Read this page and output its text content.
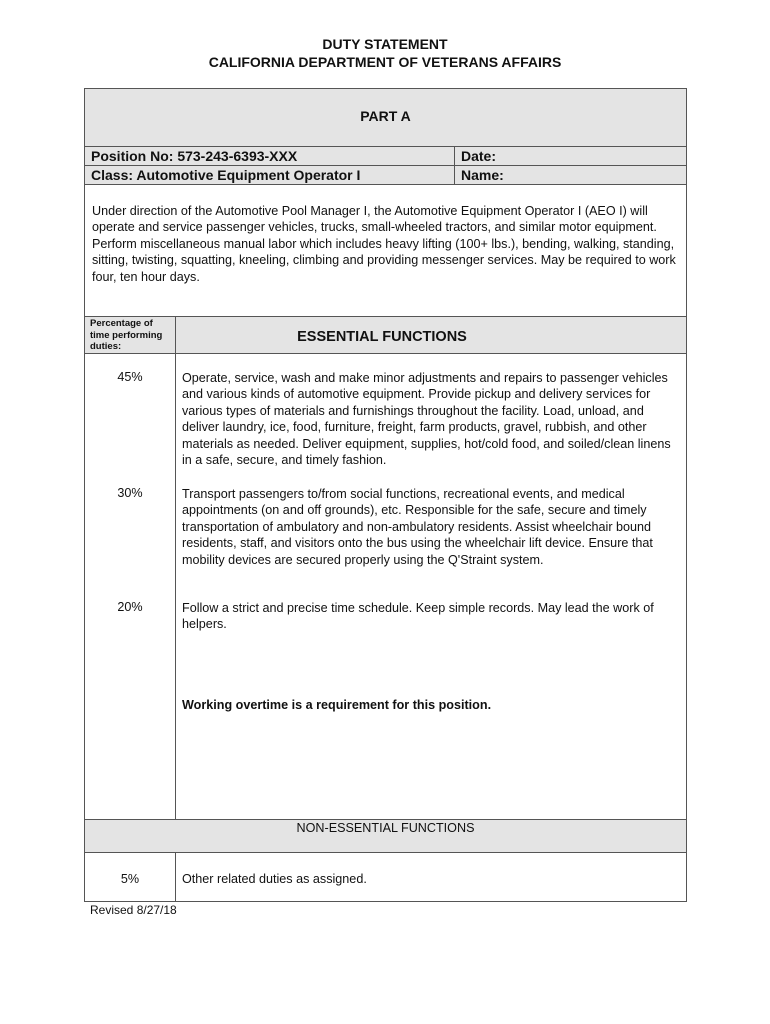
DUTY STATEMENT
CALIFORNIA DEPARTMENT OF VETERANS AFFAIRS
PART A
Position No: 573-243-6393-XXX	Date:
Class: Automotive Equipment Operator I	Name:
Under direction of the Automotive Pool Manager I, the Automotive Equipment Operator I (AEO I) will operate and service passenger vehicles, trucks, small-wheeled tractors, and similar motor equipment. Perform miscellaneous manual labor which includes heavy lifting (100+ lbs.), bending, walking, standing, sitting, twisting, squatting, kneeling, climbing and providing messenger services. May be required to work four, ten hour days.
Percentage of time performing duties:
ESSENTIAL FUNCTIONS
45%	Operate, service, wash and make minor adjustments and repairs to passenger vehicles and various kinds of automotive equipment. Provide pickup and delivery services for various types of materials and furnishings throughout the facility. Load, unload, and deliver laundry, ice, food, furniture, freight, farm products, gravel, rubbish, and other materials as needed. Deliver equipment, supplies, hot/cold food, and soiled/clean linens in a safe, secure, and timely fashion.
30%	Transport passengers to/from social functions, recreational events, and medical appointments (on and off grounds), etc. Responsible for the safe, secure and timely transportation of ambulatory and non-ambulatory residents. Assist wheelchair bound residents, staff, and visitors onto the bus using the wheelchair lift device. Ensure that mobility devices are secured properly using the Q'Straint system.
20%	Follow a strict and precise time schedule. Keep simple records. May lead the work of helpers.
Working overtime is a requirement for this position.
NON-ESSENTIAL FUNCTIONS
5%	Other related duties as assigned.
Revised 8/27/18
